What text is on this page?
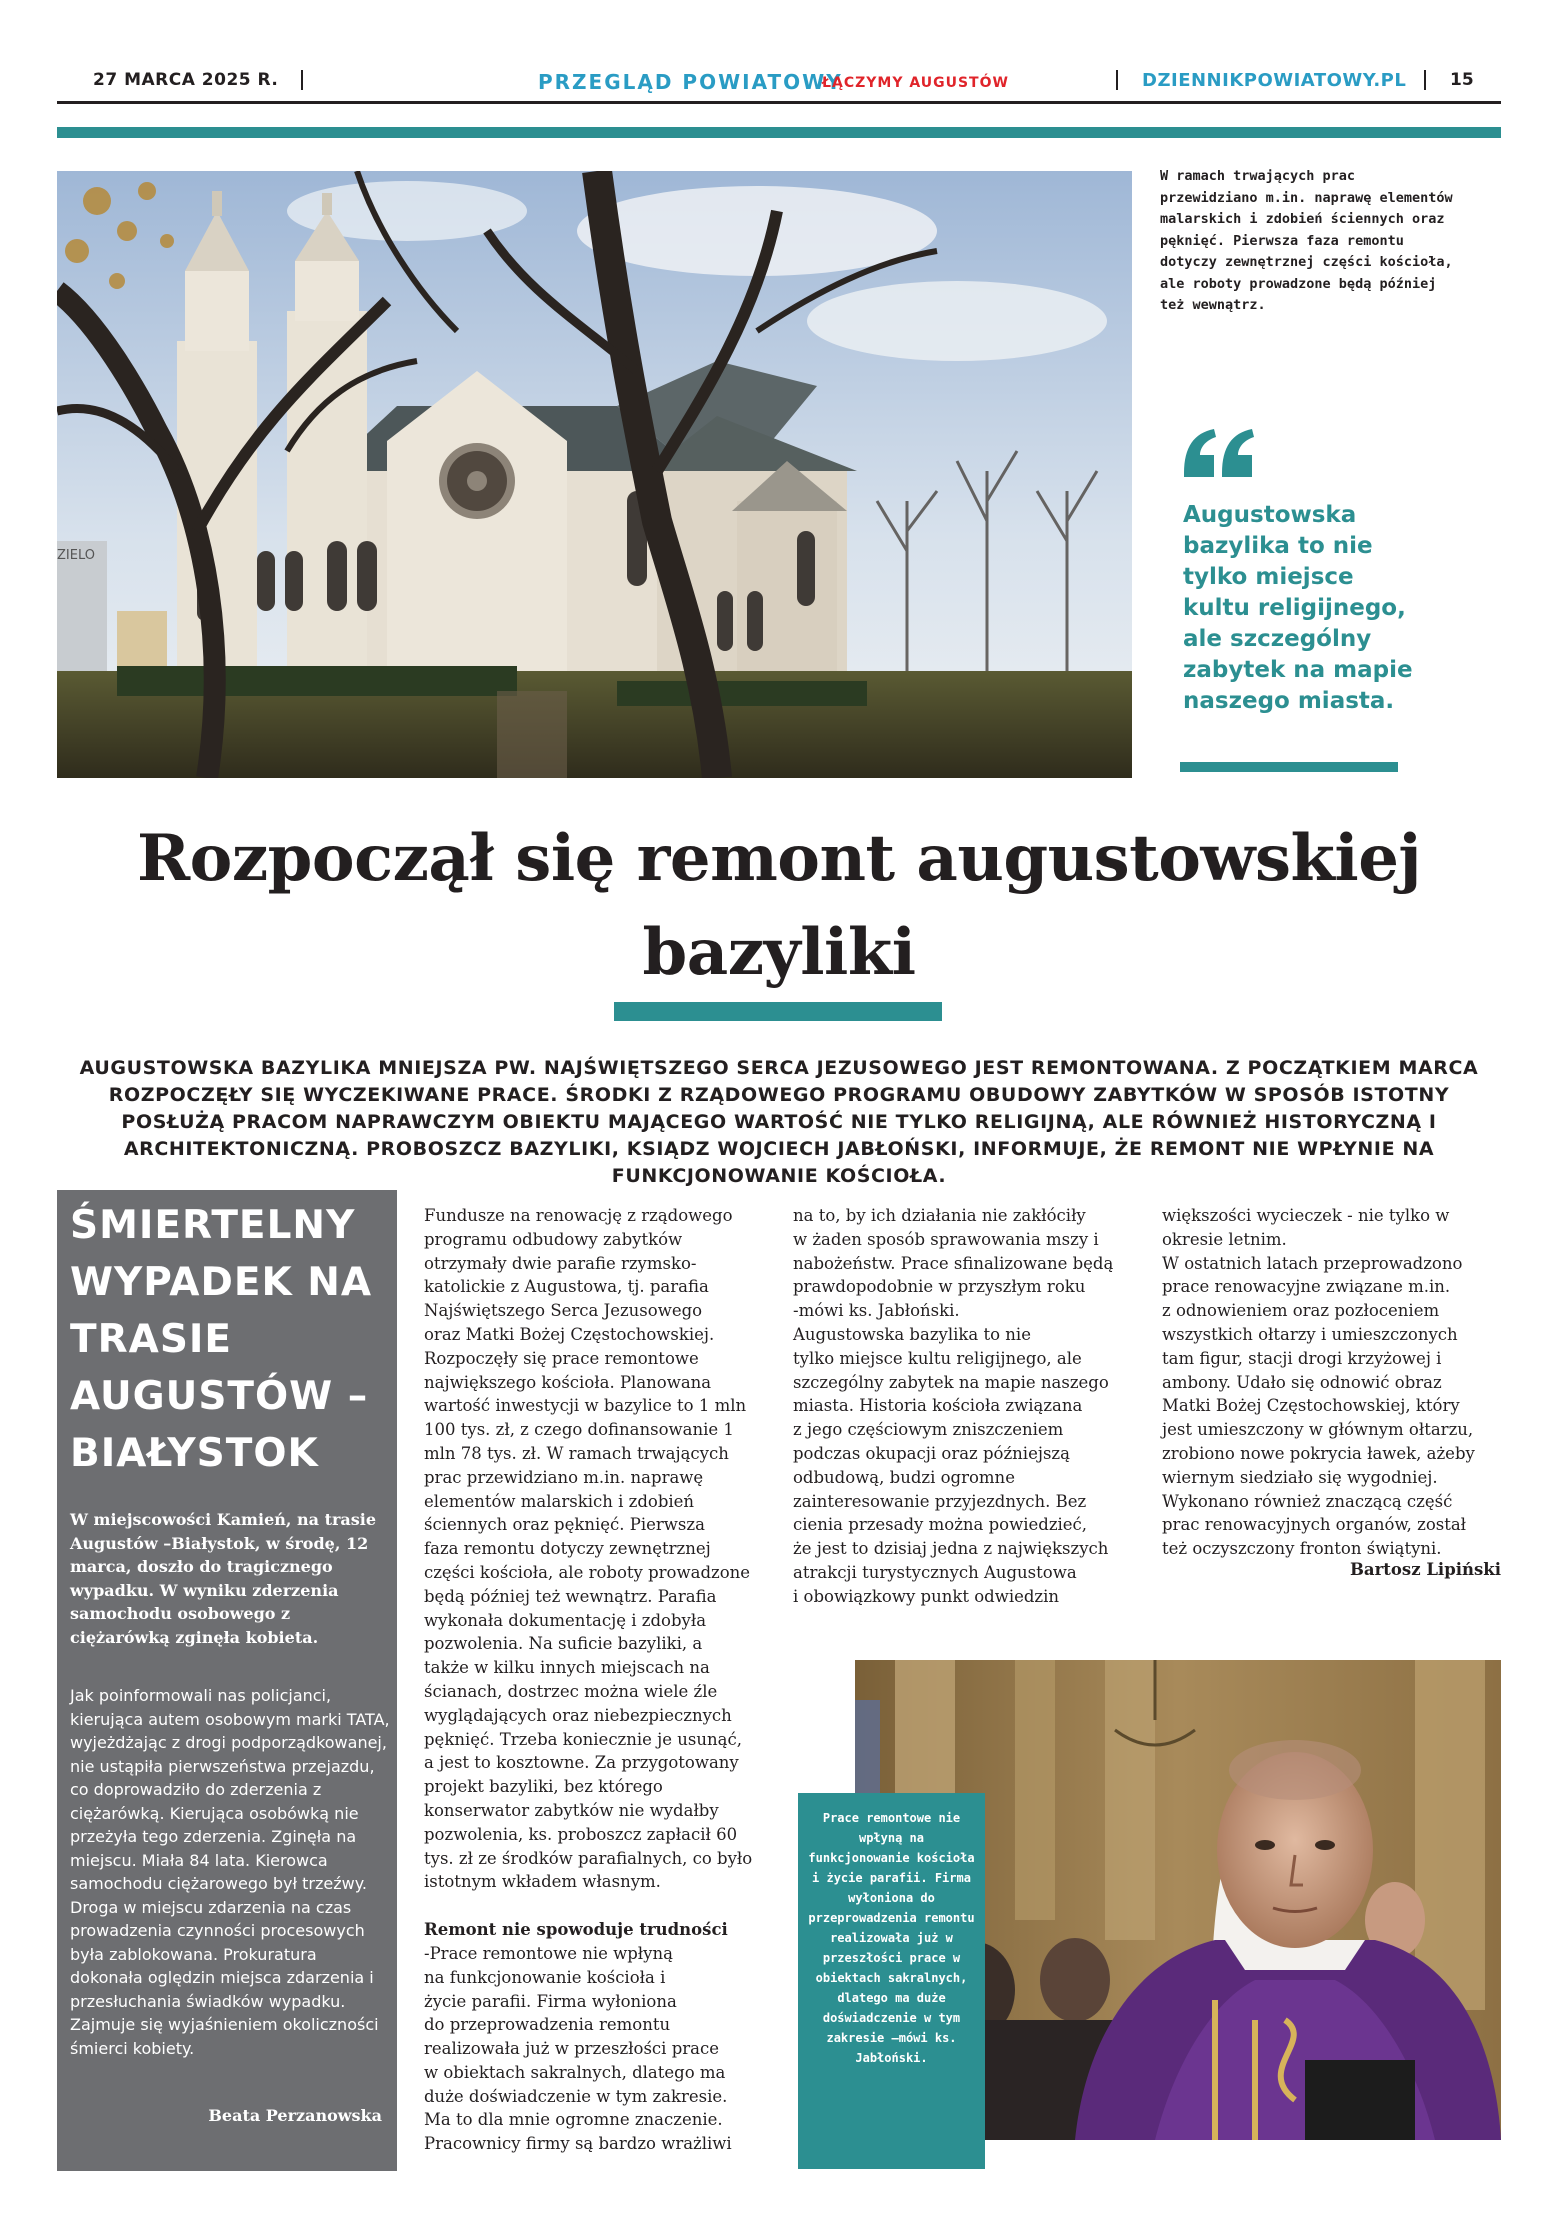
27 MARCA 2025 R.	PRZEGLĄD POWIATOWY
ŁĄCZYMY AUGUSTÓW	DZIENNIKPOWIATOWY.PL	15
ZIELO
W ramach trwających prac przewidziano m.in. naprawę elementów malarskich i zdobień ściennych oraz pęknięć. Pierwsza faza remontu dotyczy zewnętrznej części kościoła, ale roboty prowadzone będą później też wewnątrz.
Augustowska bazylika to nie tylko miejsce kultu religijnego, ale szczególny zabytek na mapie naszego miasta.
Rozpoczął się remont augustowskiej bazyliki
AUGUSTOWSKA BAZYLIKA MNIEJSZA PW. NAJŚWIĘTSZEGO SERCA JEZUSOWEGO JEST REMONTOWANA. Z POCZĄTKIEM MARCA ROZPOCZĘŁY SIĘ WYCZEKIWANE PRACE. ŚRODKI Z RZĄDOWEGO PROGRAMU OBUDOWY ZABYTKÓW W SPOSÓB ISTOTNY POSŁUŻĄ PRACOM NAPRAWCZYM OBIEKTU MAJĄCEGO WARTOŚĆ NIE TYLKO RELIGIJNĄ, ALE RÓWNIEŻ HISTORYCZNĄ I ARCHITEKTONICZNĄ. PROBOSZCZ BAZYLIKI, KSIĄDZ WOJCIECH JABŁOŃSKI, INFORMUJE, ŻE REMONT NIE WPŁYNIE NA FUNKCJONOWANIE KOŚCIOŁA.
ŚMIERTELNY WYPADEK NA TRASIE AUGUSTÓW – BIAŁYSTOK
W miejscowości Kamień, na trasie Augustów –Białystok, w środę, 12 marca, doszło do tragicznego wypadku. W wyniku zderzenia samochodu osobowego z ciężarówką zginęła kobieta.
Jak poinformowali nas policjanci, kierująca autem osobowym marki TATA, wyjeżdżając z drogi podporządkowanej, nie ustąpiła pierwszeństwa przejazdu, co doprowadziło do zderzenia z ciężarówką. Kierująca osobówką nie przeżyła tego zderzenia. Zginęła na miejscu. Miała 84 lata. Kierowca samochodu ciężarowego był trzeźwy. Droga w miejscu zdarzenia na czas prowadzenia czynności procesowych była zablokowana. Prokuratura dokonała oględzin miejsca zdarzenia i przesłuchania świadków wypadku. Zajmuje się wyjaśnieniem okoliczności śmierci kobiety.
Beata Perzanowska
Fundusze na renowację z rządowego
programu odbudowy zabytków
otrzymały dwie parafie rzymsko-
katolickie z Augustowa, tj. parafia
Najświętszego Serca Jezusowego
oraz Matki Bożej Częstochowskiej.
Rozpoczęły się prace remontowe
największego kościoła. Planowana
wartość inwestycji w bazylice to 1 mln
100 tys. zł, z czego dofinansowanie 1
mln 78 tys. zł. W ramach trwających
prac przewidziano m.in. naprawę
elementów malarskich i zdobień
ściennych oraz pęknięć. Pierwsza
faza remontu dotyczy zewnętrznej
części kościoła, ale roboty prowadzone
będą później też wewnątrz. Parafia
wykonała dokumentację i zdobyła
pozwolenia. Na suficie bazyliki, a
także w kilku innych miejscach na
ścianach, dostrzec można wiele źle
wyglądających oraz niebezpiecznych
pęknięć. Trzeba koniecznie je usunąć,
a jest to kosztowne. Za przygotowany
projekt bazyliki, bez którego
konserwator zabytków nie wydałby
pozwolenia, ks. proboszcz zapłacił 60
tys. zł ze środków parafialnych, co było
istotnym wkładem własnym.

Remont nie spowoduje trudności
-Prace remontowe nie wpłyną
na funkcjonowanie kościoła i
życie parafii. Firma wyłoniona
do przeprowadzenia remontu
realizowała już w przeszłości prace
w obiektach sakralnych, dlatego ma
duże doświadczenie w tym zakresie.
Ma to dla mnie ogromne znaczenie.
Pracownicy firmy są bardzo wrażliwi
na to, by ich działania nie zakłóciły
w żaden sposób sprawowania mszy i
nabożeństw. Prace sfinalizowane będą
prawdopodobnie w przyszłym roku
-mówi ks. Jabłoński.
Augustowska bazylika to nie
tylko miejsce kultu religijnego, ale
szczególny zabytek na mapie naszego
miasta. Historia kościoła związana
z jego częściowym zniszczeniem
podczas okupacji oraz późniejszą
odbudową, budzi ogromne
zainteresowanie przyjezdnych. Bez
cienia przesady można powiedzieć,
że jest to dzisiaj jedna z największych
atrakcji turystycznych Augustowa
i obowiązkowy punkt odwiedzin
większości wycieczek - nie tylko w
okresie letnim.
W ostatnich latach przeprowadzono
prace renowacyjne związane m.in.
z odnowieniem oraz pozłoceniem
wszystkich ołtarzy i umieszczonych
tam figur, stacji drogi krzyżowej i
ambony. Udało się odnowić obraz
Matki Bożej Częstochowskiej, który
jest umieszczony w głównym ołtarzu,
zrobiono nowe pokrycia ławek, ażeby
wiernym siedziało się wygodniej.
Wykonano również znaczącą część
prac renowacyjnych organów, został
też oczyszczony fronton świątyni.
Bartosz Lipiński
Prace remontowe nie wpłyną na funkcjonowanie kościoła i życie parafii. Firma wyłoniona do przeprowadzenia remontu realizowała już w przeszłości prace w obiektach sakralnych, dlatego ma duże doświadczenie w tym zakresie –mówi ks. Jabłoński.
